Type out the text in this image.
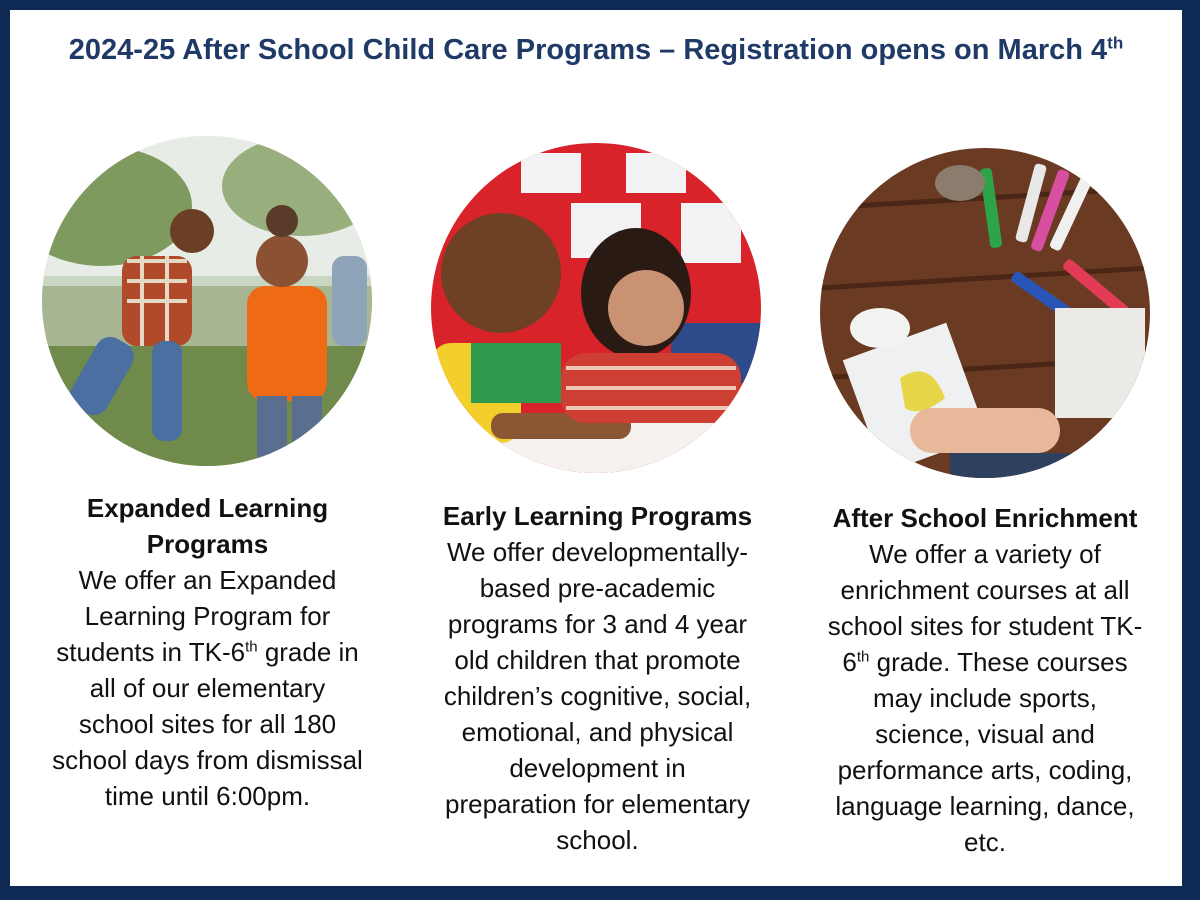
2024-25 After School Child Care Programs – Registration opens on March 4th
Expanded Learning
Programs
We offer an Expanded
Learning Program for
students in TK-6th grade in
all of our elementary
school sites for all 180
school days from dismissal
time until 6:00pm.
Early Learning Programs
We offer developmentally-
based pre-academic
programs for 3 and 4 year
old children that promote
children’s cognitive, social,
emotional, and physical
development in
preparation for elementary
school.
After School Enrichment
We offer a variety of
enrichment courses at all
school sites for student TK-
6th grade. These courses
may include sports,
science, visual and
performance arts, coding,
language learning, dance,
etc.
